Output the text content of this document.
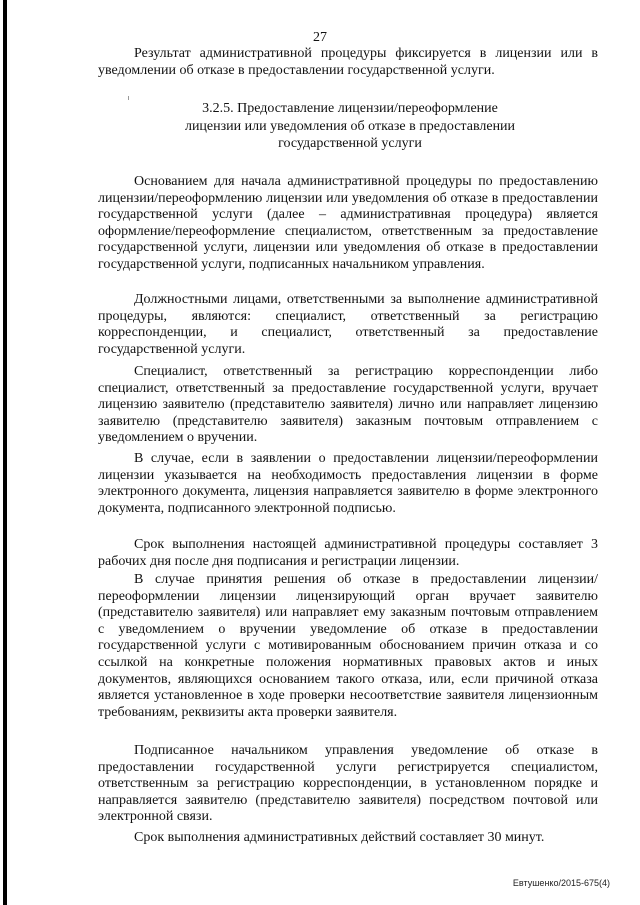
27

Результат административной процедуры фиксируется в лицензии или в уведомлении об отказе в предоставлении государственной услуги.

3.2.5. Предоставление лицензии/переоформление
лицензии или уведомления об отказе в предоставлении
государственной услуги

Основанием для начала административной процедуры по предоставлению лицензии/переоформлению лицензии или уведомления об отказе в предоставлении государственной услуги (далее – административная процедура) является оформление/переоформление специалистом, ответственным за предоставление государственной услуги, лицензии или уведомления об отказе в предоставлении государственной услуги, подписанных начальником управления.

Должностными лицами, ответственными за выполнение административной процедуры, являются: специалист, ответственный за регистрацию корреспонденции, и специалист, ответственный за предоставление государственной услуги.

Специалист, ответственный за регистрацию корреспонденции либо специалист, ответственный за предоставление государственной услуги, вручает лицензию заявителю (представителю заявителя) лично или направляет лицензию заявителю (представителю заявителя) заказным почтовым отправлением с уведомлением о вручении.

В случае, если в заявлении о предоставлении лицензии/переоформлении лицензии указывается на необходимость предоставления лицензии в форме электронного документа, лицензия направляется заявителю в форме электронного документа, подписанного электронной подписью.

Срок выполнения настоящей административной процедуры составляет 3 рабочих дня после дня подписания и регистрации лицензии.

В случае принятия решения об отказе в предоставлении лицензии/переоформлении лицензии лицензирующий орган вручает заявителю (представителю заявителя) или направляет ему заказным почтовым отправлением с уведомлением о вручении уведомление об отказе в предоставлении государственной услуги с мотивированным обоснованием причин отказа и со ссылкой на конкретные положения нормативных правовых актов и иных документов, являющихся основанием такого отказа, или, если причиной отказа является установленное в ходе проверки несоответствие заявителя лицензионным требованиям, реквизиты акта проверки заявителя.

Подписанное начальником управления уведомление об отказе в предоставлении государственной услуги регистрируется специалистом, ответственным за регистрацию корреспонденции, в установленном порядке и направляется заявителю (представителю заявителя) посредством почтовой или электронной связи.

Срок выполнения административных действий составляет 30 минут.

Евтушенко/2015-675(4)
